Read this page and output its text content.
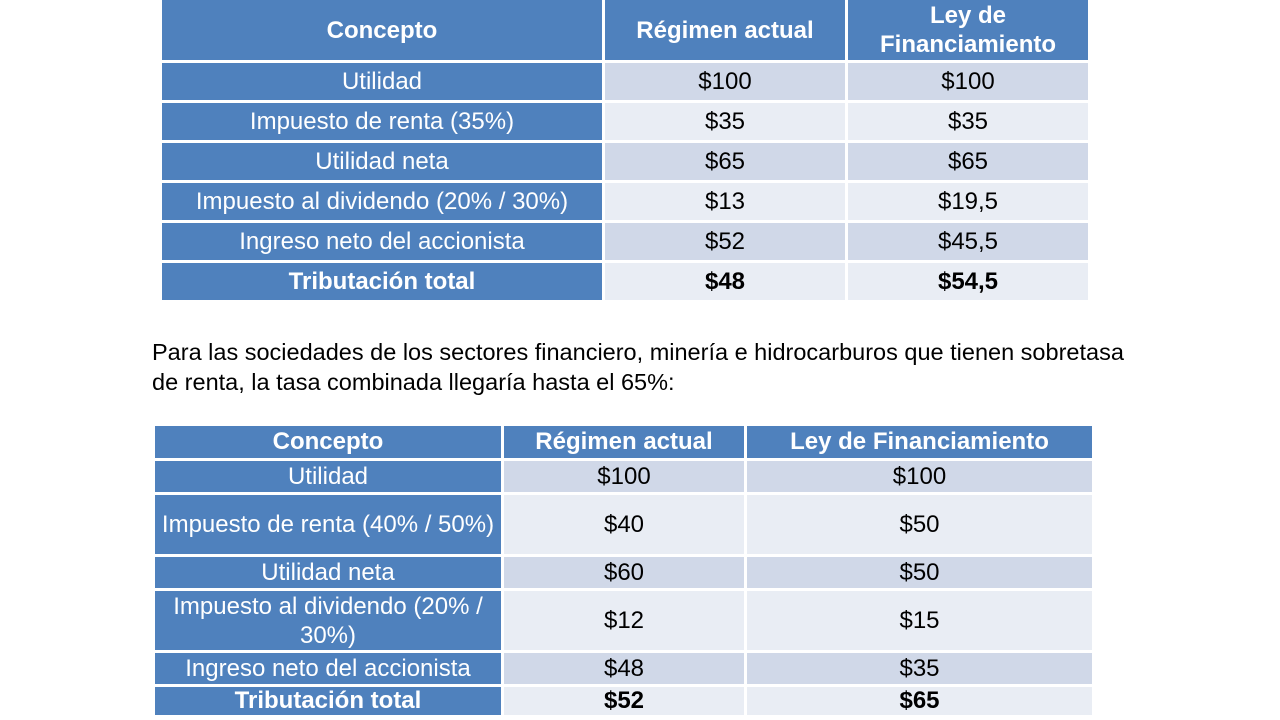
Concepto	Régimen actual	Ley de Financiamiento
Utilidad	$100	$100
Impuesto de renta (35%)	$35	$35
Utilidad neta	$65	$65
Impuesto al dividendo (20% / 30%)	$13	$19,5
Ingreso neto del accionista	$52	$45,5
Tributación total	$48	$54,5

Para las sociedades de los sectores financiero, minería e hidrocarburos que tienen sobretasa de renta, la tasa combinada llegaría hasta el 65%:

Concepto	Régimen actual	Ley de Financiamiento
Utilidad	$100	$100
Impuesto de renta (40% / 50%)	$40	$50
Utilidad neta	$60	$50
Impuesto al dividendo (20% / 30%)	$12	$15
Ingreso neto del accionista	$48	$35
Tributación total	$52	$65
